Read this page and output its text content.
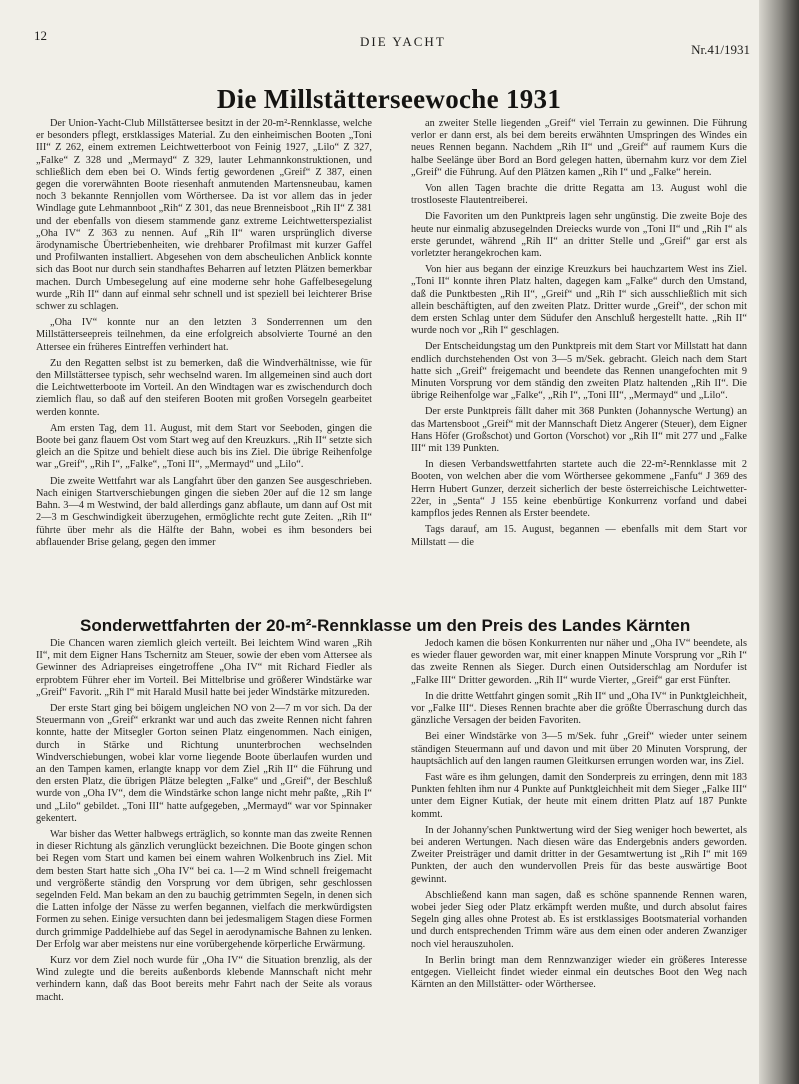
12	DIE YACHT
Nr.41/1931
Die Millstätterseewoche 1931

Der Union-Yacht-Club Millstättersee besitzt in der 20-m²-Rennklasse, welche er besonders pflegt, erstklassiges Material. Zu den einheimischen Booten „Toni III“ Z 262, einem extremen Leichtwetterboot von Feinig 1927, „Lilo“ Z 327, „Falke“ Z 328 und „Mermayd“ Z 329, lauter Lehmannkonstruktionen, und schließlich dem eben bei O. Winds fertig gewordenen „Greif“ Z 387, einen gegen die vorerwähnten Boote riesenhaft anmutenden Martensneubau, kamen noch 3 bekannte Rennjollen vom Wörthersee. Da ist vor allem das in jeder Windlage gute Lehmannboot „Rih“ Z 301, das neue Brenneisboot „Rih II“ Z 381 und der ebenfalls von diesem stammende ganz extreme Leichtwetterspezialist „Oha IV“ Z 363 zu nennen. Auf „Rih II“ waren ursprünglich diverse ärodynamische Übertriebenheiten, wie drehbarer Profilmast mit kurzer Gaffel und Profilwanten installiert. Abgesehen von dem abscheulichen Anblick konnte sich das Boot nur durch sein standhaftes Beharren auf letzten Plätzen bemerkbar machen. Durch Umbesegelung auf eine moderne sehr hohe Gaffelbesegelung wurde „Rih II“ dann auf einmal sehr schnell und ist speziell bei leichterer Brise schwer zu schlagen.

„Oha IV“ konnte nur an den letzten 3 Sonderrennen um den Millstätterseepreis teilnehmen, da eine erfolgreich absolvierte Tourné an den Attersee ein früheres Eintreffen verhindert hat.

Zu den Regatten selbst ist zu bemerken, daß die Windverhältnisse, wie für den Millstättersee typisch, sehr wechselnd waren. Im allgemeinen sind auch dort die Leichtwetterboote im Vorteil. An den Windtagen war es zwischendurch doch ziemlich flau, so daß auf den steiferen Booten mit großen Vorsegeln gearbeitet werden konnte.

Am ersten Tag, dem 11. August, mit dem Start vor Seeboden, gingen die Boote bei ganz flauem Ost vom Start weg auf den Kreuzkurs. „Rih II“ setzte sich gleich an die Spitze und behielt diese auch bis ins Ziel. Die übrige Reihenfolge war „Greif“, „Rih I“, „Falke“, „Toni II“, „Mermayd“ und „Lilo“.

Die zweite Wettfahrt war als Langfahrt über den ganzen See ausgeschrieben. Nach einigen Startverschiebungen gingen die sieben 20er auf die 12 sm lange Bahn. 3—4 m Westwind, der bald allerdings ganz abflaute, um dann auf Ost mit 2—3 m Geschwindigkeit überzugehen, ermöglichte recht gute Zeiten. „Rih II“ führte über mehr als die Hälfte der Bahn, wobei es ihm besonders bei abflauender Brise gelang, gegen den immer

an zweiter Stelle liegenden „Greif“ viel Terrain zu gewinnen. Die Führung verlor er dann erst, als bei dem bereits erwähnten Umspringen des Windes ein neues Rennen begann. Nachdem „Rih II“ und „Greif“ auf raumem Kurs die halbe Seelänge über Bord an Bord gelegen hatten, übernahm kurz vor dem Ziel „Greif“ die Führung. Auf den Plätzen kamen „Rih I“ und „Falke“ herein.

Von allen Tagen brachte die dritte Regatta am 13. August wohl die trostloseste Flautentreiberei.

Die Favoriten um den Punktpreis lagen sehr ungünstig. Die zweite Boje des heute nur einmalig abzusegelnden Dreiecks wurde von „Toni II“ und „Rih I“ als erste gerundet, während „Rih II“ an dritter Stelle und „Greif“ gar erst als vorletzter herangekrochen kam.

Von hier aus begann der einzige Kreuzkurs bei hauchzartem West ins Ziel. „Toni II“ konnte ihren Platz halten, dagegen kam „Falke“ durch den Umstand, daß die Punktbesten „Rih II“, „Greif“ und „Rih I“ sich ausschließlich mit sich allein beschäftigten, auf den zweiten Platz. Dritter wurde „Greif“, der schon mit dem ersten Schlag unter dem Südufer den Anschluß hergestellt hatte. „Rih II“ wurde noch vor „Rih I“ geschlagen.

Der Entscheidungstag um den Punktpreis mit dem Start vor Millstatt hat dann endlich durchstehenden Ost von 3—5 m/Sek. gebracht. Gleich nach dem Start hatte sich „Greif“ freigemacht und beendete das Rennen unangefochten mit 9 Minuten Vorsprung vor dem ständig den zweiten Platz haltenden „Rih II“. Die übrige Reihenfolge war „Falke“, „Rih I“, „Toni III“, „Mermayd“ und „Lilo“.

Der erste Punktpreis fällt daher mit 368 Punkten (Johannysche Wertung) an das Martensboot „Greif“ mit der Mannschaft Dietz Angerer (Steuer), dem Eigner Hans Höfer (Großschot) und Gorton (Vorschot) vor „Rih II“ mit 277 und „Falke III“ mit 139 Punkten.

In diesen Verbandswettfahrten startete auch die 22-m²-Rennklasse mit 2 Booten, von welchen aber die vom Wörthersee gekommene „Fanfu“ J 369 des Herrn Hubert Gunzer, derzeit sicherlich der beste österreichische Leichtwetter-22er, in „Senta“ J 155 keine ebenbürtige Konkurrenz vorfand und dabei kampflos jedes Rennen als Erster beendete.

Tags darauf, am 15. August, begannen — ebenfalls mit dem Start vor Millstatt — die

Sonderwettfahrten der 20-m²-Rennklasse um den Preis des Landes Kärnten

Die Chancen waren ziemlich gleich verteilt. Bei leichtem Wind waren „Rih II“, mit dem Eigner Hans Tschernitz am Steuer, sowie der eben vom Attersee als Gewinner des Adriapreises eingetroffene „Oha IV“ mit Richard Fiedler als erprobtem Führer eher im Vorteil. Bei Mittelbrise und größerer Windstärke war „Greif“ Favorit. „Rih I“ mit Harald Musil hatte bei jeder Windstärke mitzureden.

Der erste Start ging bei böigem ungleichen NO von 2—7 m vor sich. Da der Steuermann von „Greif“ erkrankt war und auch das zweite Rennen nicht fahren konnte, hatte der Mitsegler Gorton seinen Platz eingenommen. Nach einigen, durch in Stärke und Richtung ununterbrochen wechselnden Windverschiebungen, wobei klar vorne liegende Boote überlaufen wurden und an den Tampen kamen, erlangte knapp vor dem Ziel „Rih II“ die Führung und den ersten Platz, die übrigen Plätze belegten „Falke“ und „Greif“, der Beschluß wurde von „Oha IV“, dem die Windstärke schon lange nicht mehr paßte, „Rih I“ und „Lilo“ gebildet. „Toni III“ hatte aufgegeben, „Mermayd“ war vor Spinnaker gekentert.

War bisher das Wetter halbwegs erträglich, so konnte man das zweite Rennen in dieser Richtung als gänzlich verunglückt bezeichnen. Die Boote gingen schon bei Regen vom Start und kamen bei einem wahren Wolkenbruch ins Ziel. Mit dem besten Start hatte sich „Oha IV“ bei ca. 1—2 m Wind schnell freigemacht und vergrößerte ständig den Vorsprung vor dem übrigen, sehr geschlossen segelnden Feld. Man bekam an den zu bauchig getrimmten Segeln, in denen sich die Latten infolge der Nässe zu werfen begannen, vielfach die merkwürdigsten Formen zu sehen. Einige versuchten dann bei jedesmaligem Stagen diese Formen durch grimmige Paddelhiebe auf das Segel in aerodynamische Bahnen zu lenken. Der Erfolg war aber meistens nur eine vorübergehende körperliche Erwärmung.

Kurz vor dem Ziel noch wurde für „Oha IV“ die Situation brenzlig, als der Wind zulegte und die bereits außenbords klebende Mannschaft nicht mehr verhindern kann, daß das Boot bereits mehr Fahrt nach der Seite als voraus macht.

Jedoch kamen die bösen Konkurrenten nur näher und „Oha IV“ beendete, als es wieder flauer geworden war, mit einer knappen Minute Vorsprung vor „Rih I“ das zweite Rennen als Sieger. Durch einen Outsiderschlag am Nordufer ist „Falke III“ Dritter geworden. „Rih II“ wurde Vierter, „Greif“ gar erst Fünfter.

In die dritte Wettfahrt gingen somit „Rih II“ und „Oha IV“ in Punktgleichheit, vor „Falke III“. Dieses Rennen brachte aber die größte Überraschung durch das gänzliche Versagen der beiden Favoriten.

Bei einer Windstärke von 3—5 m/Sek. fuhr „Greif“ wieder unter seinem ständigen Steuermann auf und davon und mit über 20 Minuten Vorsprung, der hauptsächlich auf den langen raumen Gleitkursen errungen worden war, ins Ziel.

Fast wäre es ihm gelungen, damit den Sonderpreis zu erringen, denn mit 183 Punkten fehlten ihm nur 4 Punkte auf Punktgleichheit mit dem Sieger „Falke III“ unter dem Eigner Kutiak, der heute mit einem dritten Platz auf 187 Punkte kommt.

In der Johanny'schen Punktwertung wird der Sieg weniger hoch bewertet, als bei anderen Wertungen. Nach diesen wäre das Endergebnis anders geworden. Zweiter Preisträger und damit dritter in der Gesamtwertung ist „Rih I“ mit 169 Punkten, der auch den wundervollen Preis für das beste auswärtige Boot gewinnt.

Abschließend kann man sagen, daß es schöne spannende Rennen waren, wobei jeder Sieg oder Platz erkämpft werden mußte, und durch absolut faires Segeln ging alles ohne Protest ab. Es ist erstklassiges Bootsmaterial vorhanden und durch entsprechenden Trimm wäre aus dem einen oder anderen Zwanziger noch viel herauszuholen.

In Berlin bringt man dem Rennzwanziger wieder ein größeres Interesse entgegen. Vielleicht findet wieder einmal ein deutsches Boot den Weg nach Kärnten an den Millstätter- oder Wörthersee.
